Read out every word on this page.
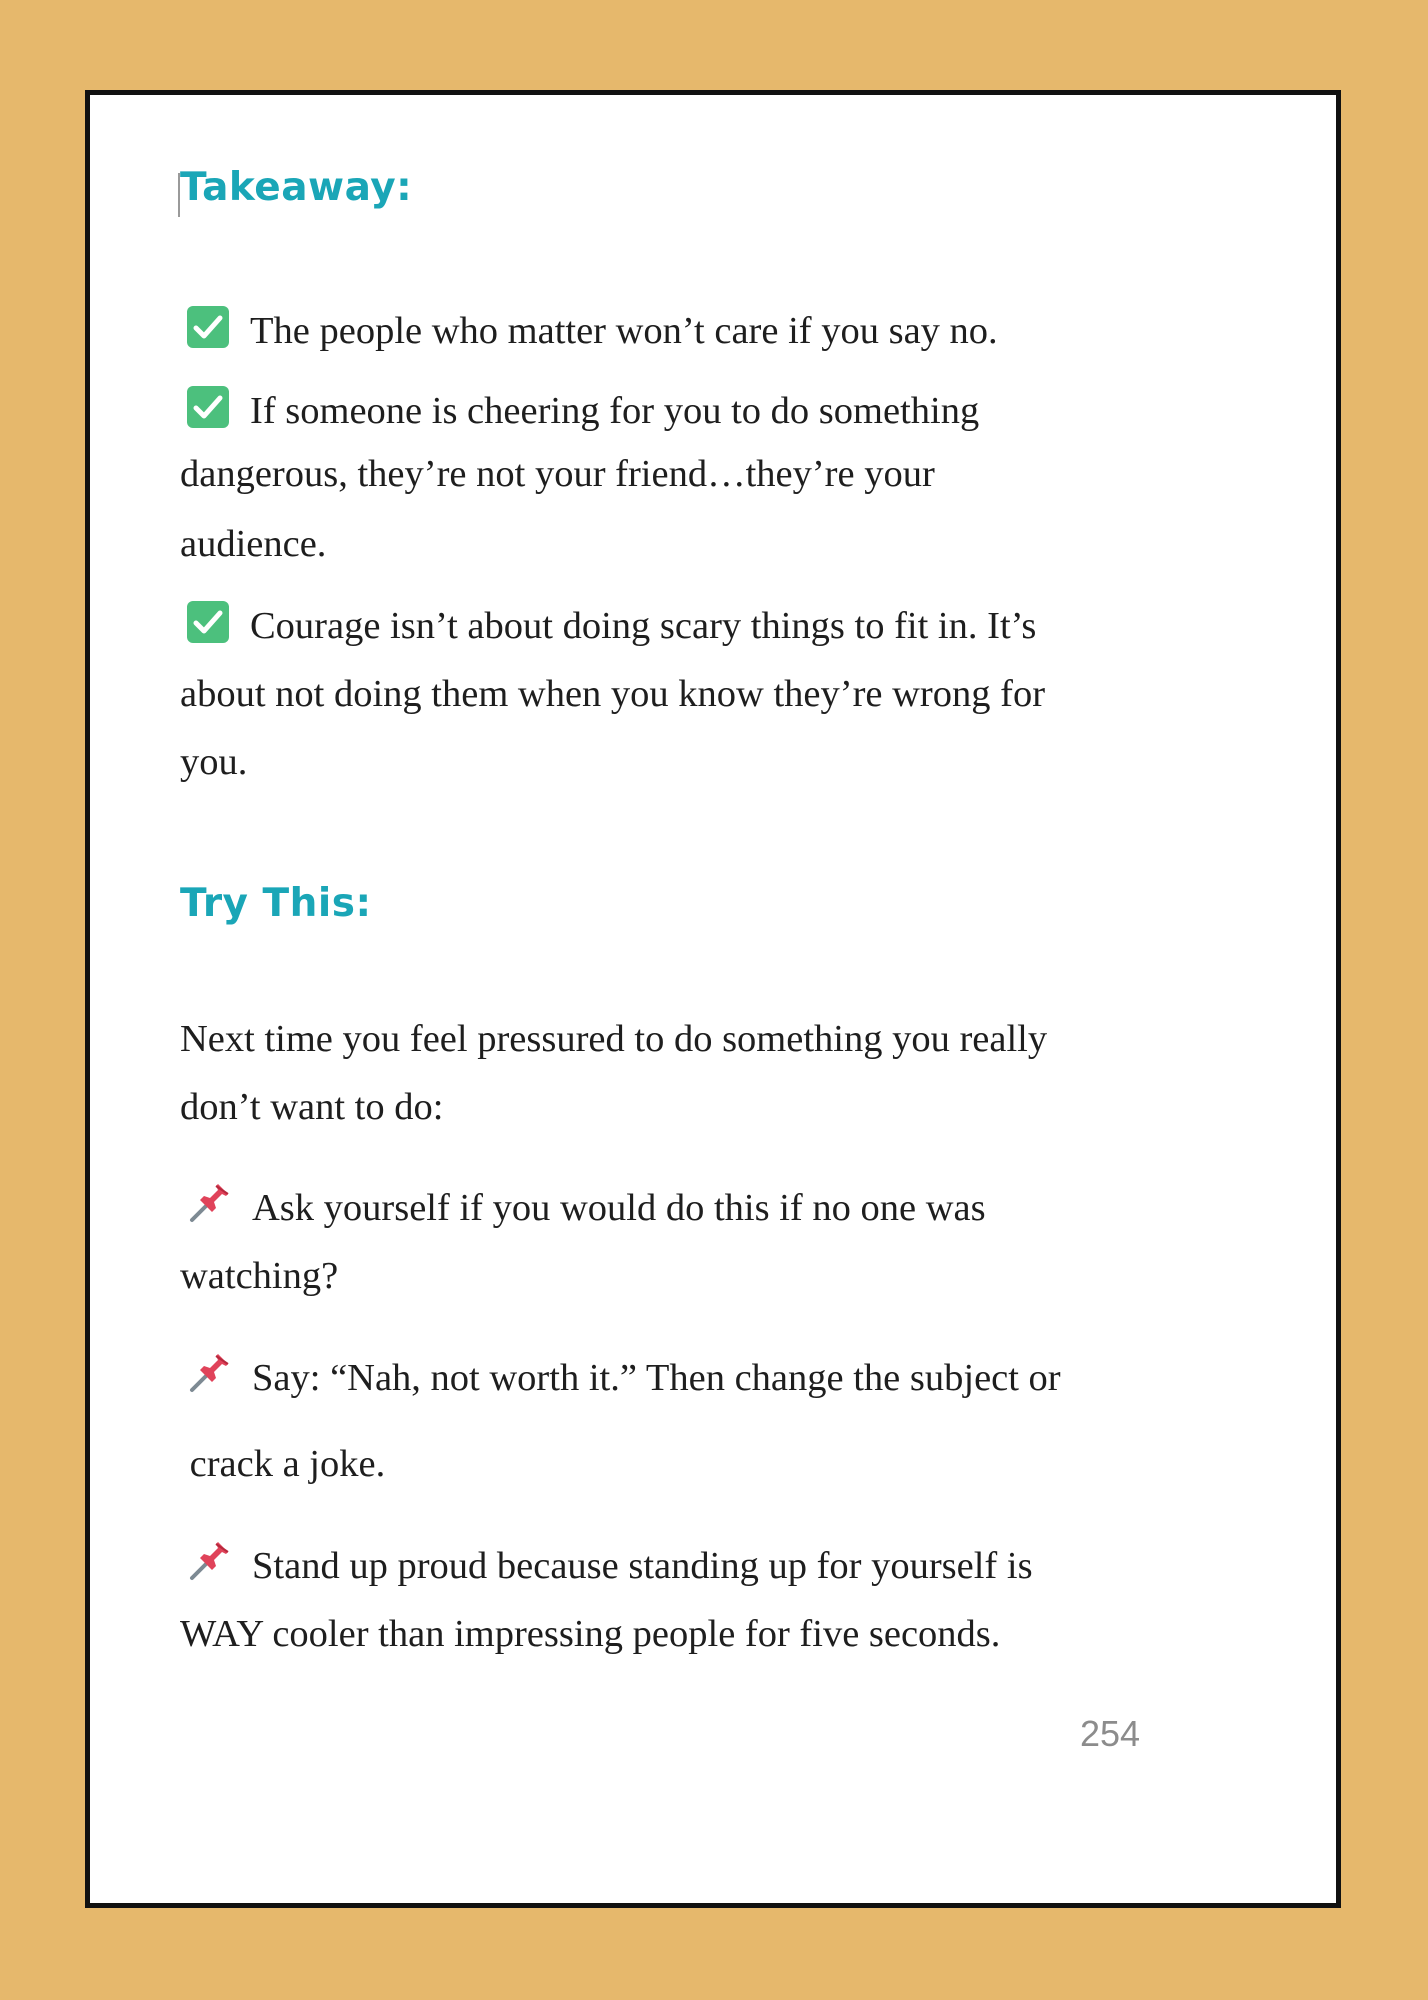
Takeaway:

The people who matter won’t care if you say no.

If someone is cheering for you to do something
dangerous, they’re not your friend…they’re your
audience.

Courage isn’t about doing scary things to fit in. It’s
about not doing them when you know they’re wrong for
you.

Try This:

Next time you feel pressured to do something you really
don’t want to do:

Ask yourself if you would do this if no one was
watching?

Say: “Nah, not worth it.” Then change the subject or
crack a joke.

Stand up proud because standing up for yourself is
WAY cooler than impressing people for five seconds.

254
